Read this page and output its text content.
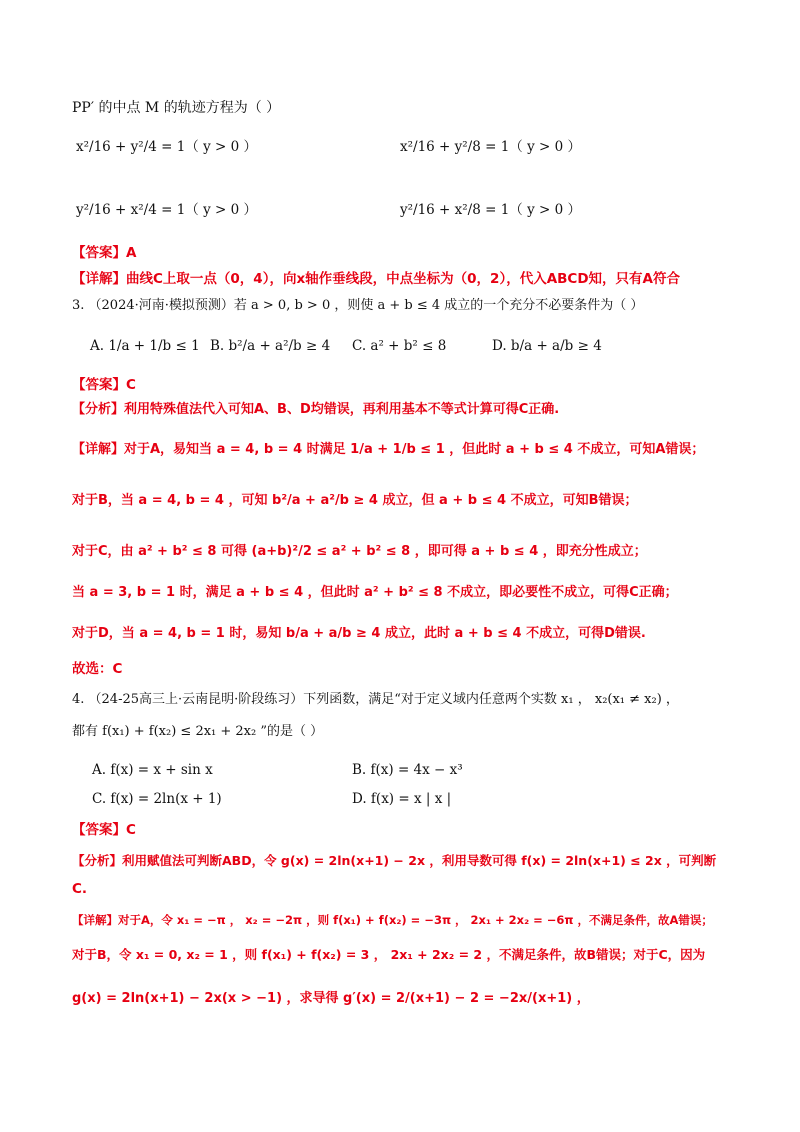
PP′ 的中点 M 的轨迹方程为（ ）
x²/16 + y²/4 = 1（ y > 0 ）	x²/16 + y²/8 = 1（ y > 0 ）
y²/16 + x²/4 = 1（ y > 0 ）	y²/16 + x²/8 = 1（ y > 0 ）
【答案】A
【详解】曲线C上取一点（0，4），向x轴作垂线段，中点坐标为（0，2），代入ABCD知，只有A符合
3. （2024·河南·模拟预测）若 a > 0, b > 0 ，则使 a + b ≤ 4 成立的一个充分不必要条件为（ ）
A. 1/a + 1/b ≤ 1 B. b²/a + a²/b ≥ 4 C. a² + b² ≤ 8	D. b/a + a/b ≥ 4
【答案】C
【分析】利用特殊值法代入可知A、B、D均错误，再利用基本不等式计算可得C正确.
【详解】对于A，易知当 a = 4, b = 4 时满足 1/a + 1/b ≤ 1 ，但此时 a + b ≤ 4 不成立，可知A错误；
对于B，当 a = 4, b = 4 ，可知 b²/a + a²/b ≥ 4 成立，但 a + b ≤ 4 不成立，可知B错误；
对于C，由 a² + b² ≤ 8 可得 (a+b)²/2 ≤ a² + b² ≤ 8 ，即可得 a + b ≤ 4 ，即充分性成立；
当 a = 3, b = 1 时，满足 a + b ≤ 4 ，但此时 a² + b² ≤ 8 不成立，即必要性不成立，可得C正确；
对于D，当 a = 4, b = 1 时，易知 b/a + a/b ≥ 4 成立，此时 a + b ≤ 4 不成立，可得D错误.
故选：C
4. （24-25高三上·云南昆明·阶段练习）下列函数，满足“对于定义域内任意两个实数 x₁ ， x₂(x₁ ≠ x₂) ，
都有 f(x₁) + f(x₂) ≤ 2x₁ + 2x₂ ”的是（ ）
A. f(x) = x + sin x	B. f(x) = 4x − x³
C. f(x) = 2ln(x + 1)	D. f(x) = x | x |
【答案】C
【分析】利用赋值法可判断ABD，令 g(x) = 2ln(x+1) − 2x ，利用导数可得 f(x) = 2ln(x+1) ≤ 2x ，可判断
C.
【详解】对于A，令 x₁ = −π ， x₂ = −2π ，则 f(x₁) + f(x₂) = −3π ， 2x₁ + 2x₂ = −6π ，不满足条件，故A错误；
对于B，令 x₁ = 0, x₂ = 1 ，则 f(x₁) + f(x₂) = 3 ， 2x₁ + 2x₂ = 2 ，不满足条件，故B错误；对于C，因为
g(x) = 2ln(x+1) − 2x(x > −1) ，求导得 g′(x) = 2/(x+1) − 2 = −2x/(x+1) ，
